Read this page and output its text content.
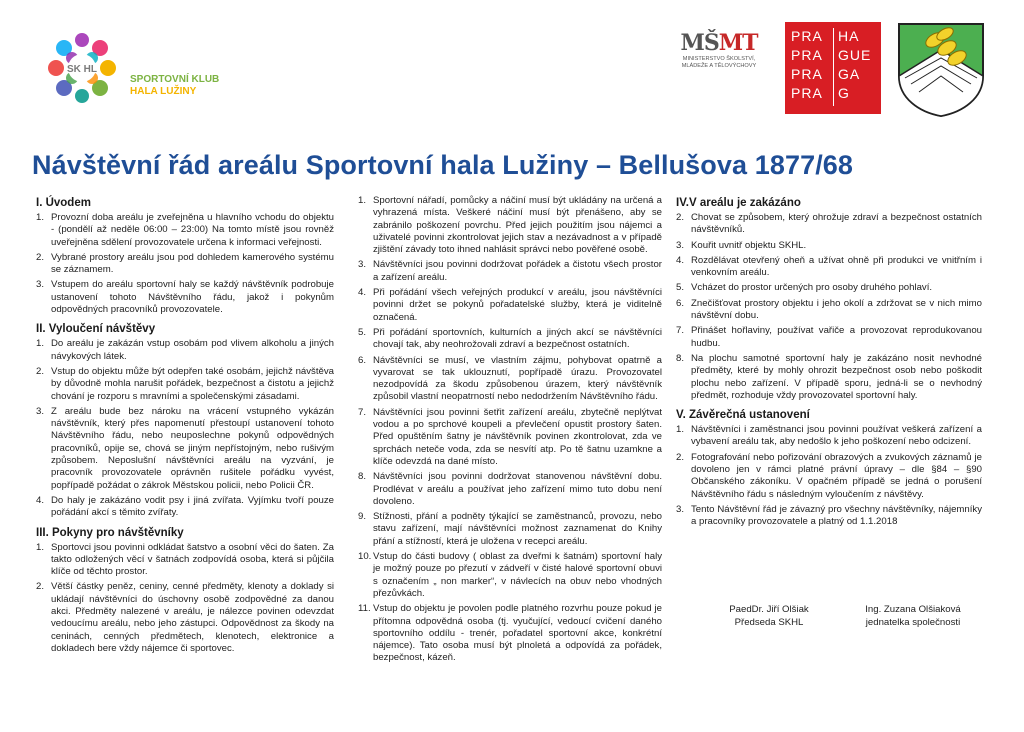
SK HL
SPORTOVNÍ KLUB
HALA LUŽINY
MŠMT
MINISTERSTVO ŠKOLSTVÍ,
MLÁDEŽE A TĚLOVÝCHOVY
PRA
PRA
PRA
PRA
HA
GUE
GA
G
Návštěvní řád areálu Sportovní hala Lužiny – Bellušova 1877/68
I. Úvodem
1. Provozní doba areálu je zveřejněna u hlavního vchodu do objektu - (pondělí až neděle 06:00 – 23:00) Na tomto místě jsou rovněž uveřejněna sdělení provozovatele určena k informaci veřejnosti.
2. Vybrané prostory areálu jsou pod dohledem kamerového systému se záznamem.
3. Vstupem do areálu sportovní haly se každý návštěvník podrobuje ustanovení tohoto Návštěvního řádu, jakož i pokynům odpovědných pracovníků provozovatele.
II. Vyloučení návštěvy
1. Do areálu je zakázán vstup osobám pod vlivem alkoholu a jiných návykových látek.
2. Vstup do objektu může být odepřen také osobám, jejichž návštěva by důvodně mohla narušit pořádek, bezpečnost a čistotu a jejichž chování je rozporu s mravními a společenskými zásadami.
3. Z areálu bude bez nároku na vrácení vstupného vykázán návštěvník, který přes napomenutí přestoupí ustanovení tohoto Návštěvního řádu, nebo neuposlechne pokynů odpovědných pracovníků, opije se, chová se jiným nepřístojným, nebo rušivým způsobem. Neposlušní návštěvníci areálu na vyzvání, je pracovník provozovatele oprávněn rušitele pořádku vyvést, popřípadě požádat o zákrok Městskou policii, nebo Policii ČR.
4. Do haly je zakázáno vodit psy i jiná zvířata. Vyjímku tvoří pouze pořádání akcí s těmito zvířaty.
III. Pokyny pro návštěvníky
1. Sportovci jsou povinni odkládat šatstvo a osobní věci do šaten. Za takto odložených věcí v šatnách zodpovídá osoba, která si půjčila klíče od těchto prostor.
2. Větší částky peněz, ceniny, cenné předměty, klenoty a doklady si ukládají návštěvníci do úschovny osobě zodpovědné za danou akci. Předměty nalezené v areálu, je nálezce povinen odevzdat vedoucímu areálu, nebo jeho zástupci. Odpovědnost za škody na ceninách, cenných předmětech, klenotech, elektronice a dokladech bere vždy nájemce či sportovec.
1. Sportovní nářadí, pomůcky a náčiní musí být ukládány na určená a vyhrazená místa. Veškeré náčiní musí být přenášeno, aby se zabránilo poškození povrchu. Před jejich použitím jsou nájemci a uživatelé povinni zkontrolovat jejich stav a nezávadnost a v případě zjištění závady toto ihned nahlásit správci nebo pověřené osobě.
3. Návštěvníci jsou povinni dodržovat pořádek a čistotu všech prostor a zařízení areálu.
4. Při pořádání všech veřejných produkcí v areálu, jsou návštěvníci povinni držet se pokynů pořadatelské služby, která je viditelně označená.
5. Při pořádání sportovních, kulturních a jiných akcí se návštěvníci chovají tak, aby neohrožovali zdraví a bezpečnost ostatních.
6. Návštěvníci se musí, ve vlastním zájmu, pohybovat opatrně a vyvarovat se tak uklouznutí, popřípadě úrazu. Provozovatel nezodpovídá za škodu způsobenou úrazem, který návštěvník způsobil vlastní neopatrností nebo nedodržením Návštěvního řádu.
7. Návštěvníci jsou povinni šetřit zařízení areálu, zbytečně neplýtvat vodou a po sprchové koupeli a převlečení opustit prostory šaten. Před opuštěním šatny je návštěvník povinen zkontrolovat, zda ve sprchách neteče voda, zda se nesvítí atp. Po tě šatnu uzamkne a klíče odevzdá na dané místo.
8. Návštěvníci jsou povinni dodržovat stanovenou návštěvní dobu. Prodlévat v areálu a používat jeho zařízení mimo tuto dobu není dovoleno.
9. Stížnosti, přání a podněty týkající se zaměstnanců, provozu, nebo stavu zařízení, mají návštěvníci možnost zaznamenat do Knihy přání a stížností, která je uložena v recepci areálu.
10. Vstup do části budovy ( oblast za dveřmi k šatnám) sportovní haly je možný pouze po přezutí v zádveří v čisté halové sportovní obuvi s označením „ non marker“, v návlecích na obuv nebo vhodných přezůvkách.
11. Vstup do objektu je povolen podle platného rozvrhu pouze pokud je přítomna odpovědná osoba (tj. vyučující, vedoucí cvičení daného sportovního oddílu - trenér, pořadatel sportovní akce, konkrétní nájemce). Tato osoba musí být plnoletá a odpovídá za pořádek, bezpečnost, kázeň.
IV.V areálu je zakázáno
2. Chovat se způsobem, který ohrožuje zdraví a bezpečnost ostatních návštěvníků.
3. Kouřit uvnitř objektu SKHL.
4. Rozdělávat otevřený oheň a užívat ohně při produkci ve vnitřním i venkovním areálu.
5. Vcházet do prostor určených pro osoby druhého pohlaví.
6. Znečišťovat prostory objektu i jeho okolí a zdržovat se v nich mimo návštěvní dobu.
7. Přinášet hořlaviny, používat vařiče a provozovat reprodukovanou hudbu.
8. Na plochu samotné sportovní haly je zakázáno nosit nevhodné předměty, které by mohly ohrozit bezpečnost osob nebo poškodit plochu nebo zařízení. V případě sporu, jedná-li se o nevhodný předmět, rozhoduje vždy provozovatel sportovní haly.
V. Závěrečná ustanovení
1. Návštěvníci i zaměstnanci jsou povinni používat veškerá zařízení a vybavení areálu tak, aby nedošlo k jeho poškození nebo odcizení.
2. Fotografování nebo pořizování obrazových a zvukových záznamů je dovoleno jen v rámci platné právní úpravy – dle §84 – §90 Občanského zákoníku. V opačném případě se jedná o porušení Návštěvního řádu s následným vyloučením z návštěvy.
3. Tento Návštěvní řád je závazný pro všechny návštěvníky, nájemníky a pracovníky provozovatele a platný od 1.1.2018
PaedDr. Jiří Olšiak
Předseda SKHL
Ing. Zuzana Olšiaková
jednatelka společnosti
